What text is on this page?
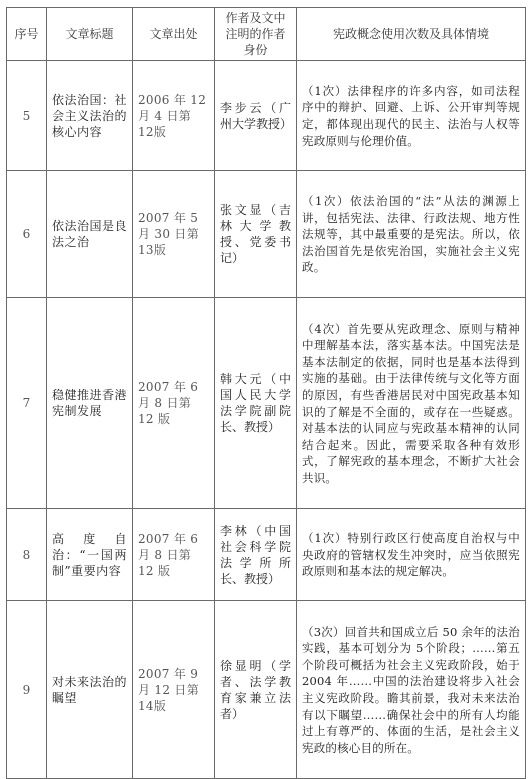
序号	文章标题	文章出处	作者及文中注明的作者身份	宪政概念使用次数及具体情境
5	依法治国：社会主义法治的核心内容	2006 年 12 月 4 日第 12版	李步云（广州大学教授）	（1次）法律程序的许多内容，如司法程序中的辩护、回避、上诉、公开审判等规定，都体现出现代的民主、法治与人权等宪政原则与伦理价值。
6	依法治国是良法之治	2007 年 5 月 30 日第 13版	张文显（吉林大学教授、党委书记）	（1次）依法治国的“法”从法的渊源上讲，包括宪法、法律、行政法规、地方性法规等，其中最重要的是宪法。所以，依法治国首先是依宪治国，实施社会主义宪政。
7	稳健推进香港宪制发展	2007 年 6 月 8 日第 12 版	韩大元（中国人民大学法学院副院长、教授）	（4次）首先要从宪政理念、原则与精神中理解基本法，落实基本法。中国宪法是基本法制定的依据，同时也是基本法得到实施的基础。由于法律传统与文化等方面的原因，有些香港居民对中国宪政基本知识的了解是不全面的，或存在一些疑惑。对基本法的认同应与宪政基本精神的认同结合起来。因此，需要采取各种有效形式，了解宪政的基本理念，不断扩大社会共识。
8	高度自治：“一国两制”重要内容	2007 年 6 月 8 日第 12 版	李林（中国社会科学院法学所所长、教授）	（1次）特别行政区行使高度自治权与中央政府的管辖权发生冲突时，应当依照宪政原则和基本法的规定解决。
9	对未来法治的瞩望	2007 年 9 月 12 日第 14版	徐显明（学者、法学教育家兼立法者）	（3次）回首共和国成立后 50 余年的法治实践，基本可划分为 5个阶段；……第五个阶段可概括为社会主义宪政阶段，始于2004 年……中国的法治建设将步入社会主义宪政阶段。瞻其前景，我对未来法治有以下瞩望……确保社会中的所有人均能过上有尊严的、体面的生活，是社会主义宪政的核心目的所在。
